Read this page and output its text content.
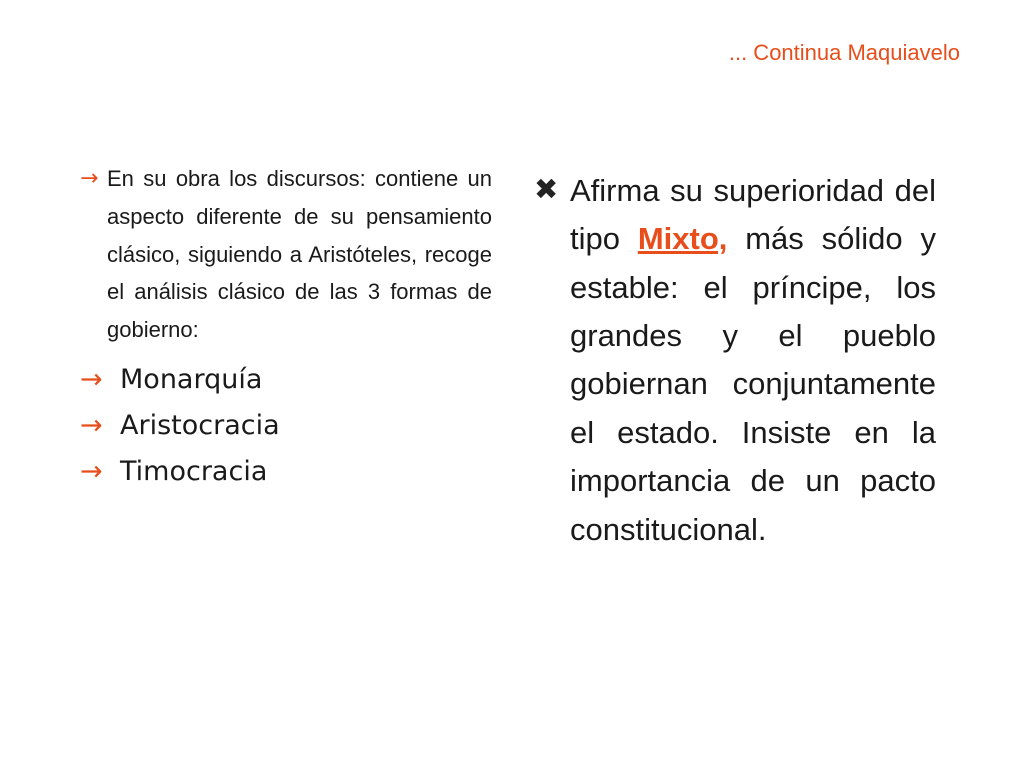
... Continua Maquiavelo

→ En su obra los discursos: contiene un aspecto diferente de su pensamiento clásico, siguiendo a Aristóteles, recoge el análisis clásico de las 3 formas de gobierno:

→ Monarquía
→ Aristocracia
→ Timocracia

✖ Afirma su superioridad del tipo Mixto, más sólido y estable: el príncipe, los grandes y el pueblo gobiernan conjuntamente el estado. Insiste en la importancia de un pacto constitucional.
